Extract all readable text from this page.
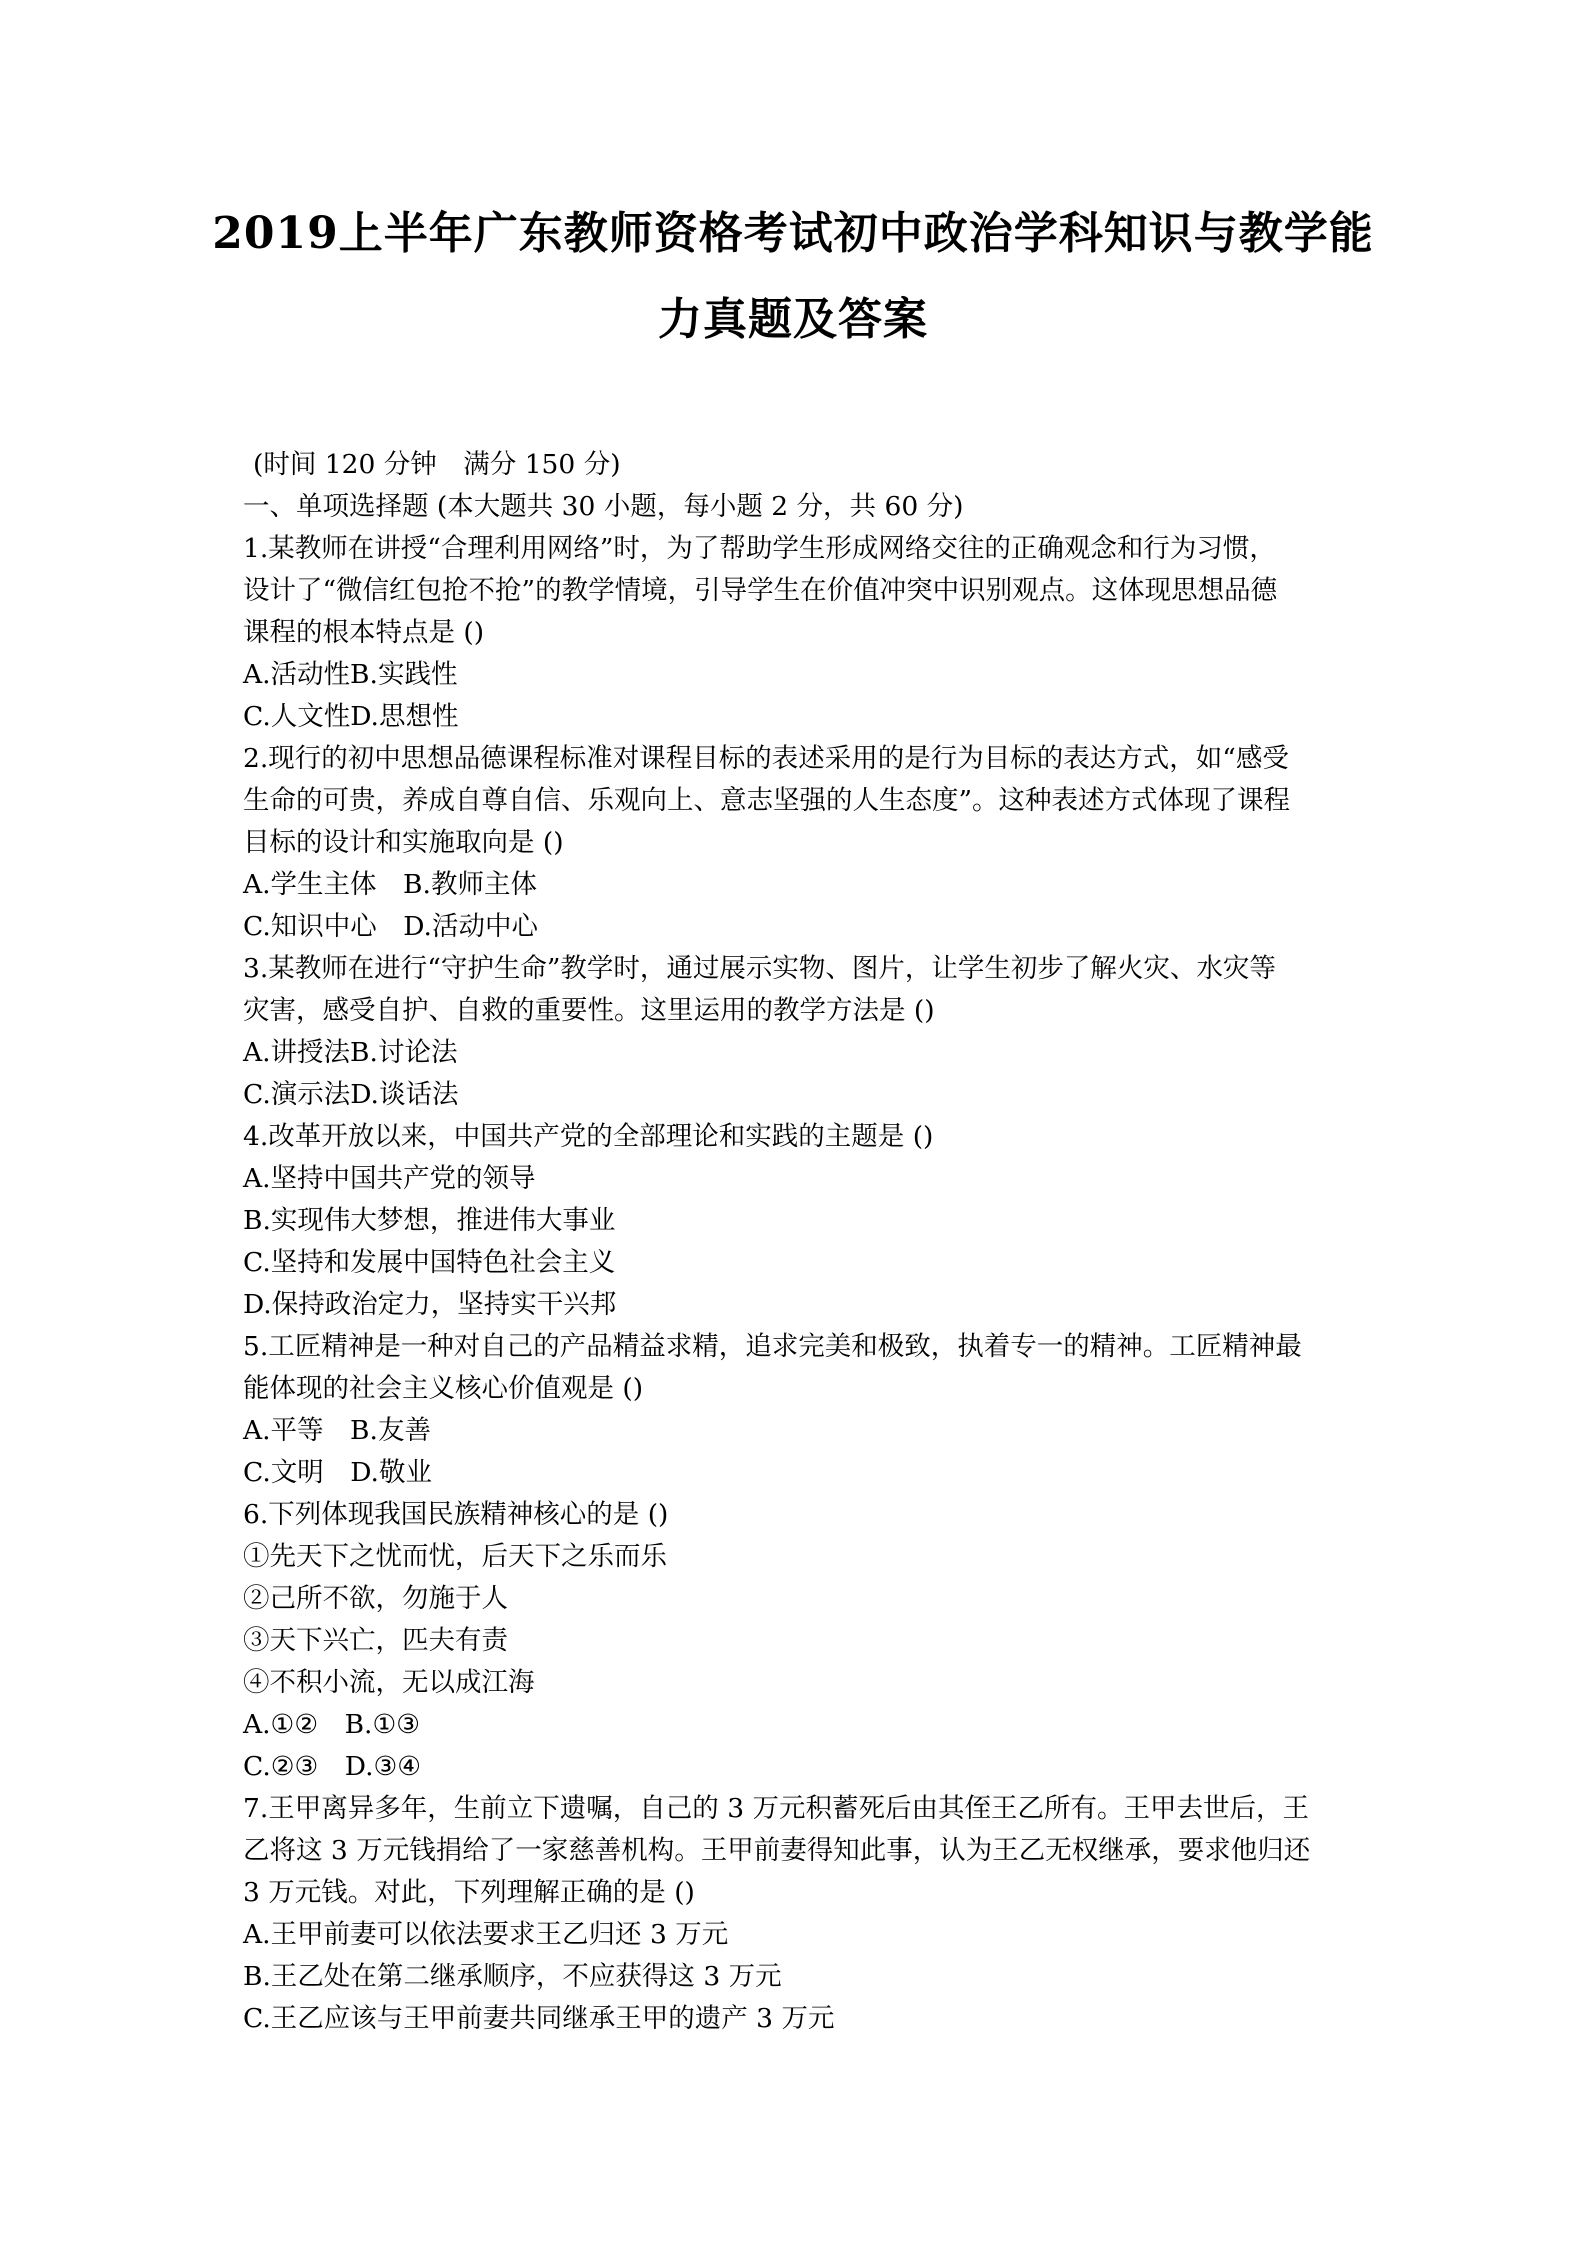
2019上半年广东教师资格考试初中政治学科知识与教学能
力真题及答案
(时间 120 分钟　满分 150 分)
一、单项选择题 (本大题共 30 小题，每小题 2 分，共 60 分)
1.某教师在讲授“合理利用网络”时，为了帮助学生形成网络交往的正确观念和行为习惯，
设计了“微信红包抢不抢”的教学情境，引导学生在价值冲突中识别观点。这体现思想品德
课程的根本特点是 ()
A.活动性B.实践性
C.人文性D.思想性
2.现行的初中思想品德课程标准对课程目标的表述采用的是行为目标的表达方式，如“感受
生命的可贵，养成自尊自信、乐观向上、意志坚强的人生态度”。这种表述方式体现了课程
目标的设计和实施取向是 ()
A.学生主体　B.教师主体
C.知识中心　D.活动中心
3.某教师在进行“守护生命”教学时，通过展示实物、图片，让学生初步了解火灾、水灾等
灾害，感受自护、自救的重要性。这里运用的教学方法是 ()
A.讲授法B.讨论法
C.演示法D.谈话法
4.改革开放以来，中国共产党的全部理论和实践的主题是 ()
A.坚持中国共产党的领导
B.实现伟大梦想，推进伟大事业
C.坚持和发展中国特色社会主义
D.保持政治定力，坚持实干兴邦
5.工匠精神是一种对自己的产品精益求精，追求完美和极致，执着专一的精神。工匠精神最
能体现的社会主义核心价值观是 ()
A.平等　B.友善
C.文明　D.敬业
6.下列体现我国民族精神核心的是 ()
①先天下之忧而忧，后天下之乐而乐
②己所不欲，勿施于人
③天下兴亡，匹夫有责
④不积小流，无以成江海
A.①②　B.①③
C.②③　D.③④
7.王甲离异多年，生前立下遗嘱，自己的 3 万元积蓄死后由其侄王乙所有。王甲去世后，王
乙将这 3 万元钱捐给了一家慈善机构。王甲前妻得知此事，认为王乙无权继承，要求他归还
3 万元钱。对此，下列理解正确的是 ()
A.王甲前妻可以依法要求王乙归还 3 万元
B.王乙处在第二继承顺序，不应获得这 3 万元
C.王乙应该与王甲前妻共同继承王甲的遗产 3 万元
